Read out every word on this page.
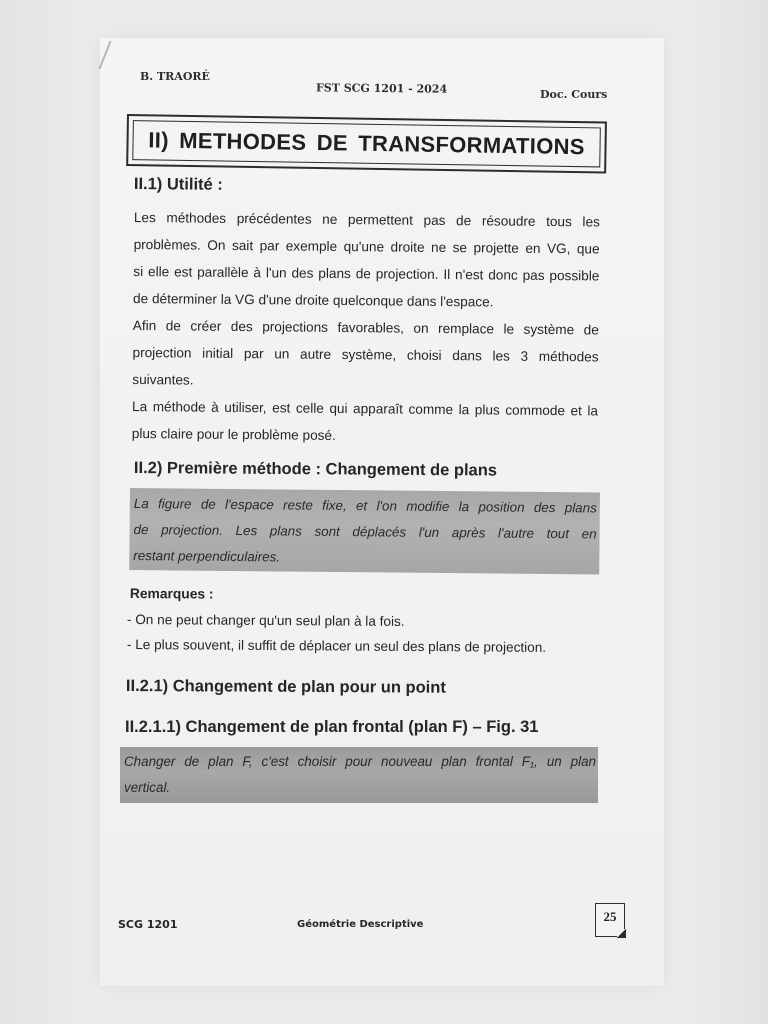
B. TRAORÉ
FST SCG 1201 - 2024	Doc. Cours
II) METHODES DE TRANSFORMATIONS
II.1) Utilité :

Les méthodes précédentes ne permettent pas de résoudre tous les
problèmes. On sait par exemple qu'une droite ne se projette en VG, que
si elle est parallèle à l'un des plans de projection. Il n'est donc pas possible
de déterminer la VG d'une droite quelconque dans l'espace.

Afin de créer des projections favorables, on remplace le système de
projection initial par un autre système, choisi dans les 3 méthodes
suivantes.

La méthode à utiliser, est celle qui apparaît comme la plus commode et la
plus claire pour le problème posé.

II.2) Première méthode : Changement de plans
La figure de l'espace reste fixe, et l'on modifie la position des plans
de projection. Les plans sont déplacés l'un après l'autre tout en
restant perpendiculaires.
Remarques :
- On ne peut changer qu'un seul plan à la fois.
- Le plus souvent, il suffit de déplacer un seul des plans de projection.
II.2.1) Changement de plan pour un point
II.2.1.1) Changement de plan frontal (plan F) – Fig. 31
Changer de plan F, c'est choisir pour nouveau plan frontal F₁, un plan
vertical.
SCG 1201	Géométrie Descriptive
25
